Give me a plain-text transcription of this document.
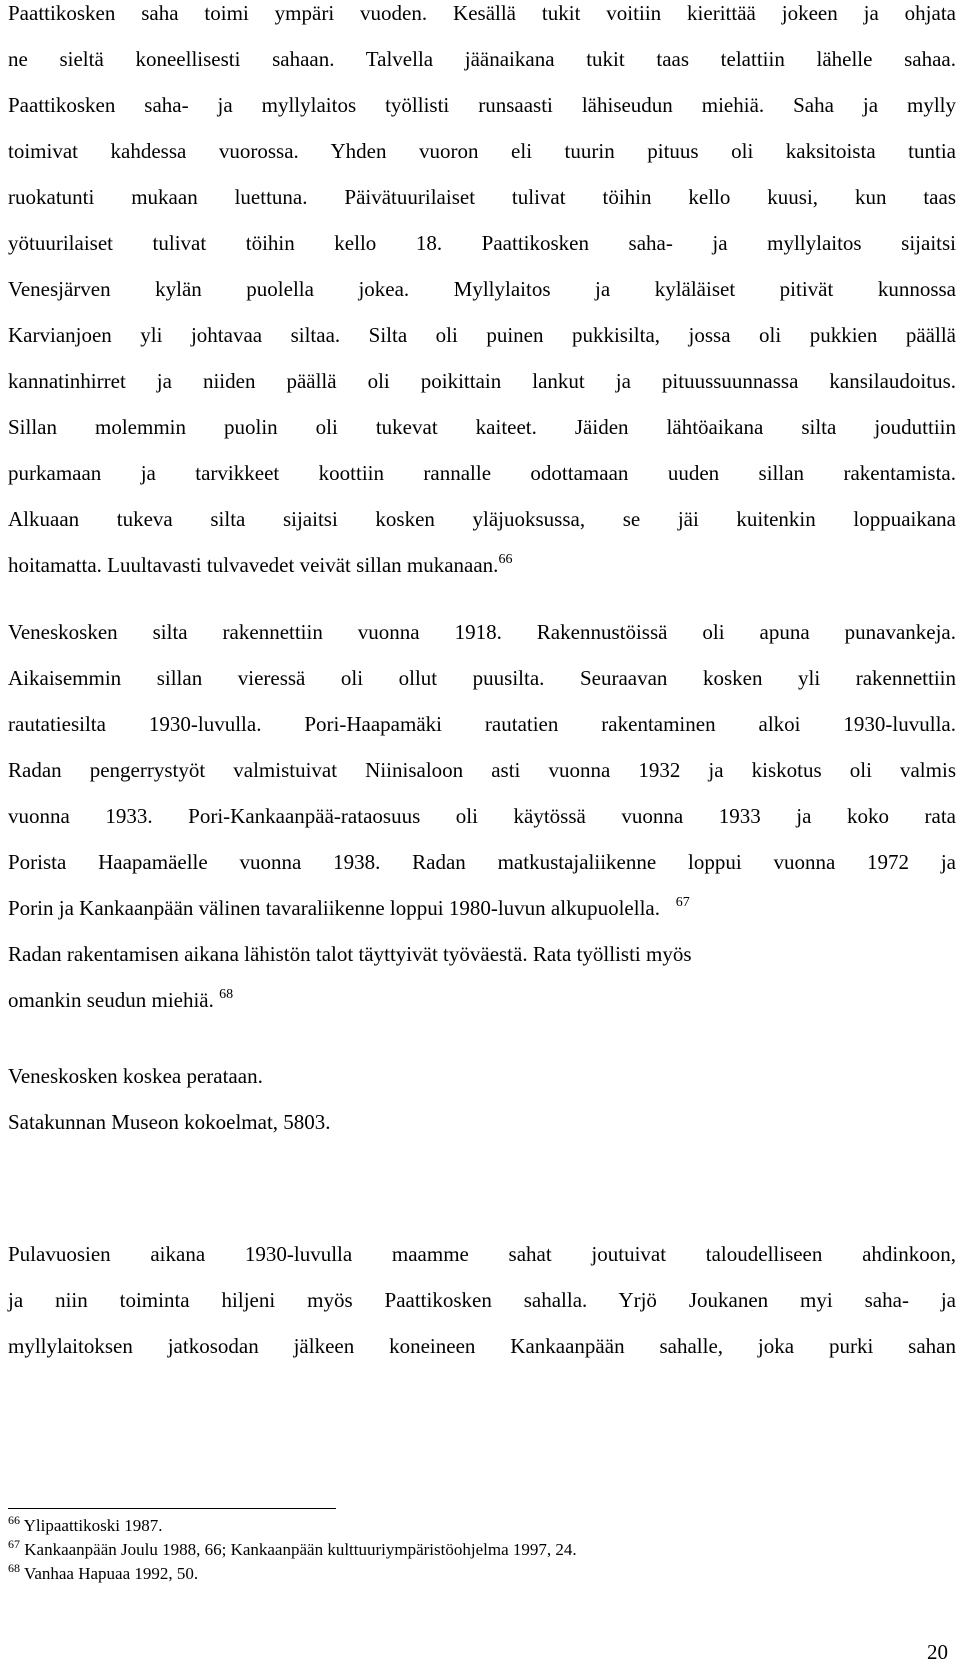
Paattikosken saha toimi ympäri vuoden. Kesällä tukit voitiin kierittää jokeen ja ohjata
ne sieltä koneellisesti sahaan. Talvella jäänaikana tukit taas telattiin lähelle sahaa.
Paattikosken saha- ja myllylaitos työllisti runsaasti lähiseudun miehiä. Saha ja mylly
toimivat kahdessa vuorossa. Yhden vuoron eli tuurin pituus oli kaksitoista tuntia
ruokatunti mukaan luettuna. Päivätuurilaiset tulivat töihin kello kuusi, kun taas
yötuurilaiset tulivat töihin kello 18. Paattikosken saha- ja myllylaitos sijaitsi
Venesjärven kylän puolella jokea. Myllylaitos ja kyläläiset pitivät kunnossa
Karvianjoen yli johtavaa siltaa. Silta oli puinen pukkisilta, jossa oli pukkien päällä
kannatinhirret ja niiden päällä oli poikittain lankut ja pituussuunnassa kansilaudoitus.
Sillan molemmin puolin oli tukevat kaiteet. Jäiden lähtöaikana silta jouduttiin
purkamaan ja tarvikkeet koottiin rannalle odottamaan uuden sillan rakentamista.
Alkuaan tukeva silta sijaitsi kosken yläjuoksussa, se jäi kuitenkin loppuaikana
hoitamatta. Luultavasti tulvavedet veivät sillan mukanaan.$^{66}$
Veneskosken silta rakennettiin vuonna 1918. Rakennustöissä oli apuna punavankeja.
Aikaisemmin sillan vieressä oli ollut puusilta. Seuraavan kosken yli rakennettiin
rautatiesilta 1930-luvulla. Pori-Haapamäki rautatien rakentaminen alkoi 1930-luvulla.
Radan pengerrystyöt valmistuivat Niinisaloon asti vuonna 1932 ja kiskotus oli valmis
vuonna 1933. Pori-Kankaanpää-rataosuus oli käytössä vuonna 1933 ja koko rata
Porista Haapamäelle vuonna 1938. Radan matkustajaliikenne loppui vuonna 1972 ja
Porin ja Kankaanpään välinen tavaraliikenne loppui 1980-luvun alkupuolella. $^{67}$
Radan rakentamisen aikana lähistön talot täyttyivät työväestä. Rata työllisti myös
omankin seudun miehiä. $^{68}$
Veneskosken koskea perataan.
Satakunnan Museon kokoelmat, 5803.
Pulavuosien aikana 1930-luvulla maamme sahat joutuivat taloudelliseen ahdinkoon,
ja niin toiminta hiljeni myös Paattikosken sahalla. Yrjö Joukanen myi saha- ja
myllylaitoksen jatkosodan jälkeen koneineen Kankaanpään sahalle, joka purki sahan
$^{66}$ Ylipaattikoski 1987.
$^{67}$ Kankaanpään Joulu 1988, 66; Kankaanpään kulttuuriympäristöohjelma 1997, 24.
$^{68}$ Vanhaa Hapuaa 1992, 50.
20
